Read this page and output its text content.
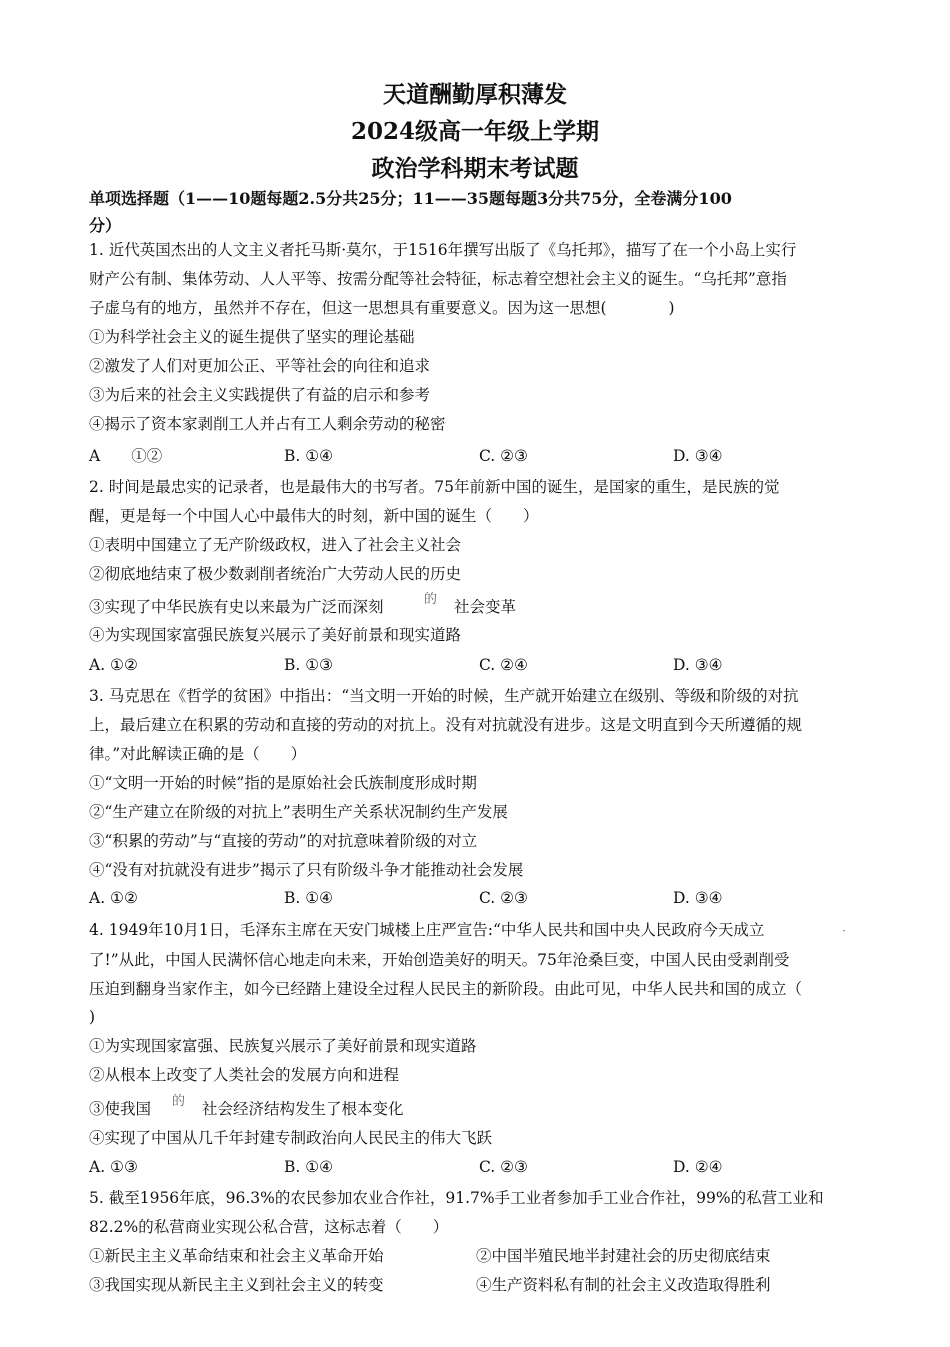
天道酬勤厚积薄发
2024级高一年级上学期
政治学科期末考试题
单项选择题（1——10题每题2.5分共25分；11——35题每题3分共75分，全卷满分100
分）
1. 近代英国杰出的人文主义者托马斯·莫尔，于1516年撰写出版了《乌托邦》，描写了在一个小岛上实行
财产公有制、集体劳动、人人平等、按需分配等社会特征，标志着空想社会主义的诞生。“乌托邦”意指
子虚乌有的地方，虽然并不存在，但这一思想具有重要意义。因为这一思想(　　　　)
①为科学社会主义的诞生提供了坚实的理论基础
②激发了人们对更加公正、平等社会的向往和追求
③为后来的社会主义实践提供了有益的启示和参考
④揭示了资本家剥削工人并占有工人剩余劳动的秘密
A　　①②	B. ①④	C. ②③	D. ③④
2. 时间是最忠实的记录者，也是最伟大的书写者。75年前新中国的诞生，是国家的重生，是民族的觉
醒，更是每一个中国人心中最伟大的时刻，新中国的诞生（　　）
①表明中国建立了无产阶级政权，进入了社会主义社会
②彻底地结束了极少数剥削者统治广大劳动人民的历史
③实现了中华民族有史以来最为广泛而深刻	的 社会变革
④为实现国家富强民族复兴展示了美好前景和现实道路
A. ①②	B. ①③	C. ②④	D. ③④
3. 马克思在《哲学的贫困》中指出：“当文明一开始的时候，生产就开始建立在级别、等级和阶级的对抗
上，最后建立在积累的劳动和直接的劳动的对抗上。没有对抗就没有进步。这是文明直到今天所遵循的规
律。”对此解读正确的是（　　）
①“文明一开始的时候”指的是原始社会氏族制度形成时期
②“生产建立在阶级的对抗上”表明生产关系状况制约生产发展
③“积累的劳动”与“直接的劳动”的对抗意味着阶级的对立
④“没有对抗就没有进步”揭示了只有阶级斗争才能推动社会发展
A. ①②	B. ①④	C. ②③	D. ③④
4. 1949年10月1日，毛泽东主席在天安门城楼上庄严宣告:“中华人民共和国中央人民政府今天成立	·
了!”从此，中国人民满怀信心地走向未来，开始创造美好的明天。75年沧桑巨变，中国人民由受剥削受
压迫到翻身当家作主，如今已经踏上建设全过程人民民主的新阶段。由此可见，中华人民共和国的成立（
)
①为实现国家富强、民族复兴展示了美好前景和现实道路
②从根本上改变了人类社会的发展方向和进程
③使我国 的 社会经济结构发生了根本变化
④实现了中国从几千年封建专制政治向人民民主的伟大飞跃
A. ①③	B. ①④	C. ②③	D. ②④
5. 截至1956年底，96.3%的农民参加农业合作社，91.7%手工业者参加手工业合作社，99%的私营工业和
82.2%的私营商业实现公私合营，这标志着（　　）
①新民主主义革命结束和社会主义革命开始	②中国半殖民地半封建社会的历史彻底结束
③我国实现从新民主主义到社会主义的转变	④生产资料私有制的社会主义改造取得胜利
